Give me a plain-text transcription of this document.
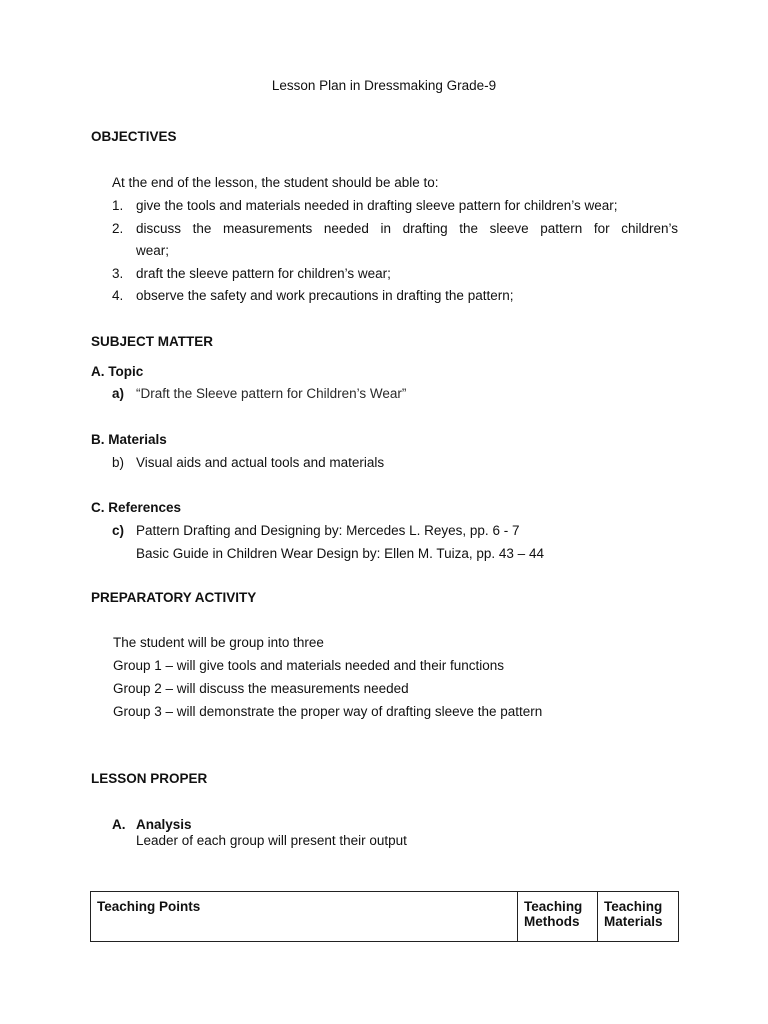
Lesson Plan in Dressmaking Grade-9
OBJECTIVES
At the end of the lesson, the student should be able to:
1. give the tools and materials needed in drafting sleeve pattern for children’s wear;
2. discuss the measurements needed in drafting the sleeve pattern for children’s
wear;
3. draft the sleeve pattern for children’s wear;
4. observe the safety and work precautions in drafting the pattern;
SUBJECT MATTER
A. Topic
a) “Draft the Sleeve pattern for Children’s Wear”
B. Materials
b) Visual aids and actual tools and materials
C. References
c) Pattern Drafting and Designing by: Mercedes L. Reyes, pp. 6 - 7
Basic Guide in Children Wear Design by: Ellen M. Tuiza, pp. 43 – 44
PREPARATORY ACTIVITY
The student will be group into three
Group 1 – will give tools and materials needed and their functions
Group 2 – will discuss the measurements needed
Group 3 – will demonstrate the proper way of drafting sleeve the pattern
LESSON PROPER
A. Analysis
Leader of each group will present their output
Teaching Points	Teaching Methods	Teaching Materials
